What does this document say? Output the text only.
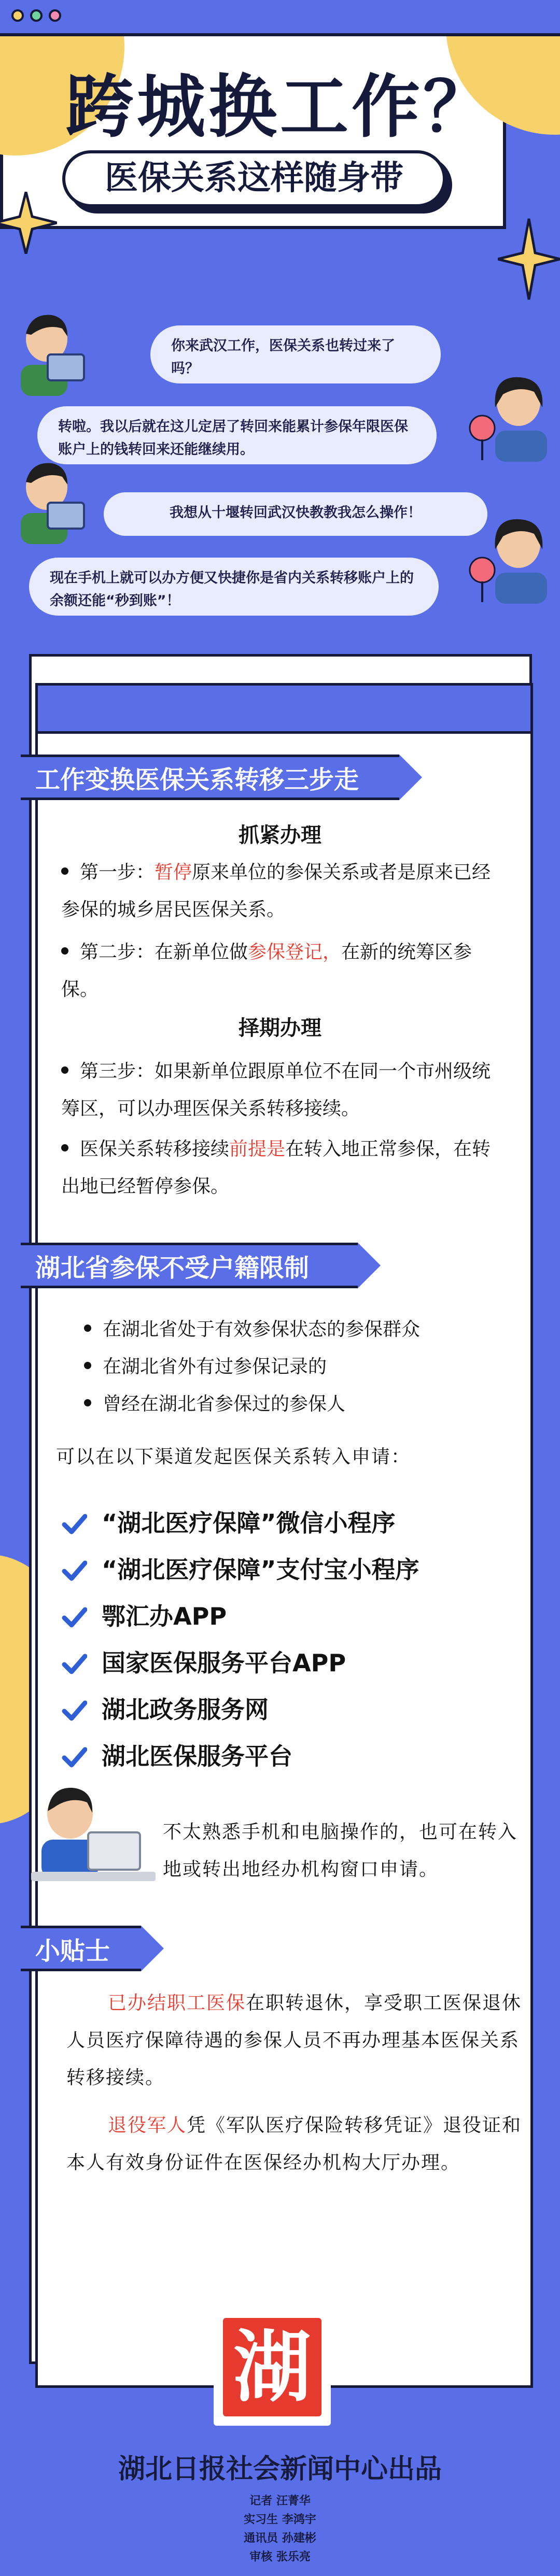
跨城换工作？
医保关系这样随身带
你来武汉工作，医保关系也转过来了吗？
转啦。我以后就在这儿定居了转回来能累计参保年限医保账户上的钱转回来还能继续用。
我想从十堰转回武汉快教教我怎么操作！
现在手机上就可以办方便又快捷你是省内关系转移账户上的余额还能“秒到账”！
工作变换医保关系转移三步走
抓紧办理
第一步：暂停原来单位的参保关系或者是原来已经参保的城乡居民医保关系。
第二步：在新单位做参保登记，在新的统筹区参保。
择期办理
第三步：如果新单位跟原单位不在同一个市州级统筹区，可以办理医保关系转移接续。
医保关系转移接续前提是在转入地正常参保，在转出地已经暂停参保。
湖北省参保不受户籍限制
在湖北省处于有效参保状态的参保群众
在湖北省外有过参保记录的
曾经在湖北省参保过的参保人
可以在以下渠道发起医保关系转入申请：
“湖北医疗保障”微信小程序
“湖北医疗保障”支付宝小程序
鄂汇办APP
国家医保服务平台APP
湖北政务服务网
湖北医保服务平台
不太熟悉手机和电脑操作的，也可在转入地或转出地经办机构窗口申请。
小贴士
已办结职工医保在职转退休，享受职工医保退休人员医疗保障待遇的参保人员不再办理基本医保关系转移接续。
退役军人凭《军队医疗保险转移凭证》退役证和本人有效身份证件在医保经办机构大厅办理。
湖
湖北日报社会新闻中心出品
记者 汪菁华
实习生 李鸿宇
通讯员 孙建彬
审核 张乐亮
